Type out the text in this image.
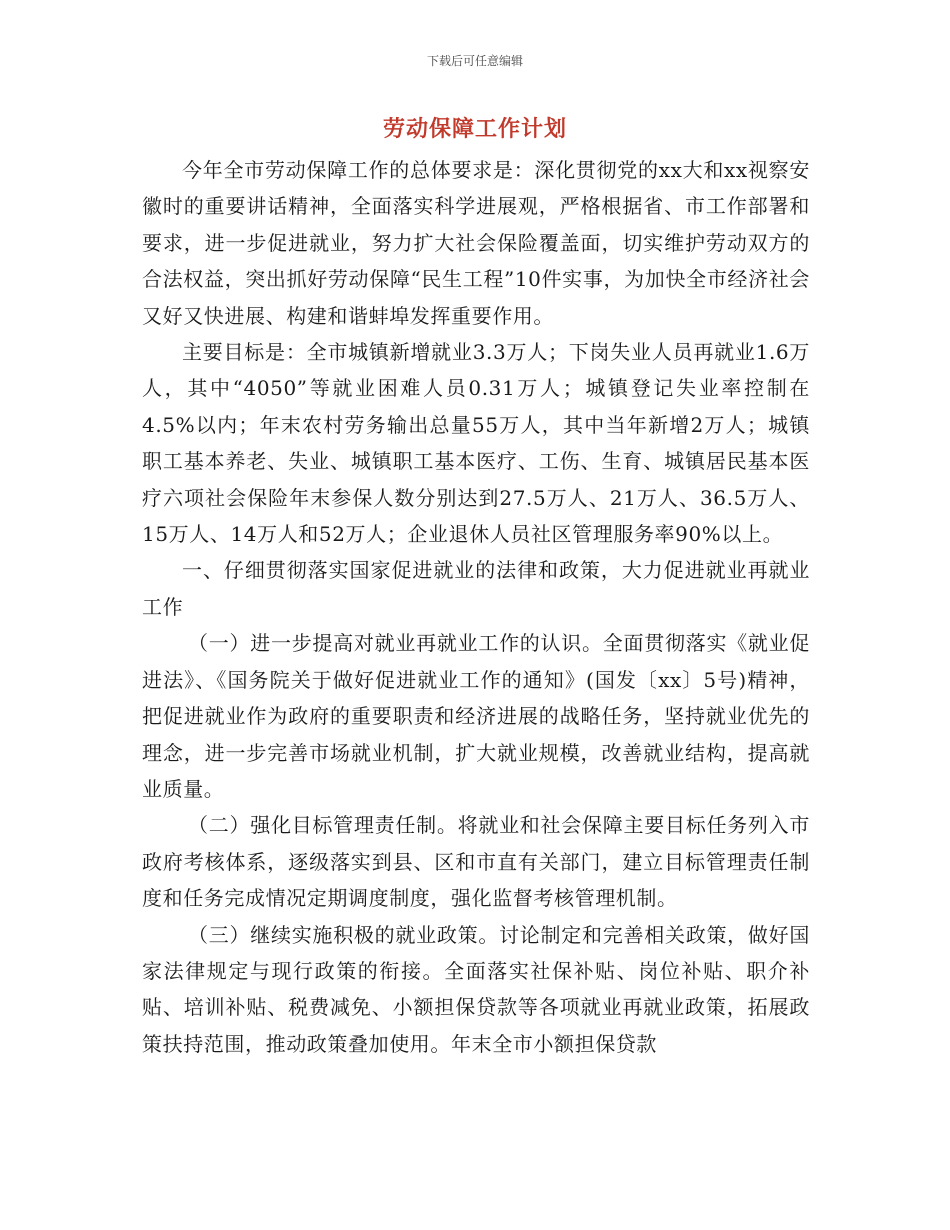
下载后可任意编辑
劳动保障工作计划

今年全市劳动保障工作的总体要求是：深化贯彻党的xx大和xx视察安徽时的重要讲话精神，全面落实科学进展观，严格根据省、市工作部署和要求，进一步促进就业，努力扩大社会保险覆盖面，切实维护劳动双方的合法权益，突出抓好劳动保障“民生工程”10件实事，为加快全市经济社会又好又快进展、构建和谐蚌埠发挥重要作用。

主要目标是：全市城镇新增就业3.3万人；下岗失业人员再就业1.6万人，其中“4050”等就业困难人员0.31万人；城镇登记失业率控制在4.5%以内；年末农村劳务输出总量55万人，其中当年新增2万人；城镇职工基本养老、失业、城镇职工基本医疗、工伤、生育、城镇居民基本医疗六项社会保险年末参保人数分别达到27.5万人、21万人、36.5万人、15万人、14万人和52万人；企业退休人员社区管理服务率90%以上。

一、仔细贯彻落实国家促进就业的法律和政策，大力促进就业再就业工作

（一）进一步提高对就业再就业工作的认识。全面贯彻落实《就业促进法》、《国务院关于做好促进就业工作的通知》(国发〔xx〕5号)精神，把促进就业作为政府的重要职责和经济进展的战略任务，坚持就业优先的理念，进一步完善市场就业机制，扩大就业规模，改善就业结构，提高就业质量。

（二）强化目标管理责任制。将就业和社会保障主要目标任务列入市政府考核体系，逐级落实到县、区和市直有关部门，建立目标管理责任制度和任务完成情况定期调度制度，强化监督考核管理机制。

（三）继续实施积极的就业政策。讨论制定和完善相关政策，做好国家法律规定与现行政策的衔接。全面落实社保补贴、岗位补贴、职介补贴、培训补贴、税费减免、小额担保贷款等各项就业再就业政策，拓展政策扶持范围，推动政策叠加使用。年末全市小额担保贷款
